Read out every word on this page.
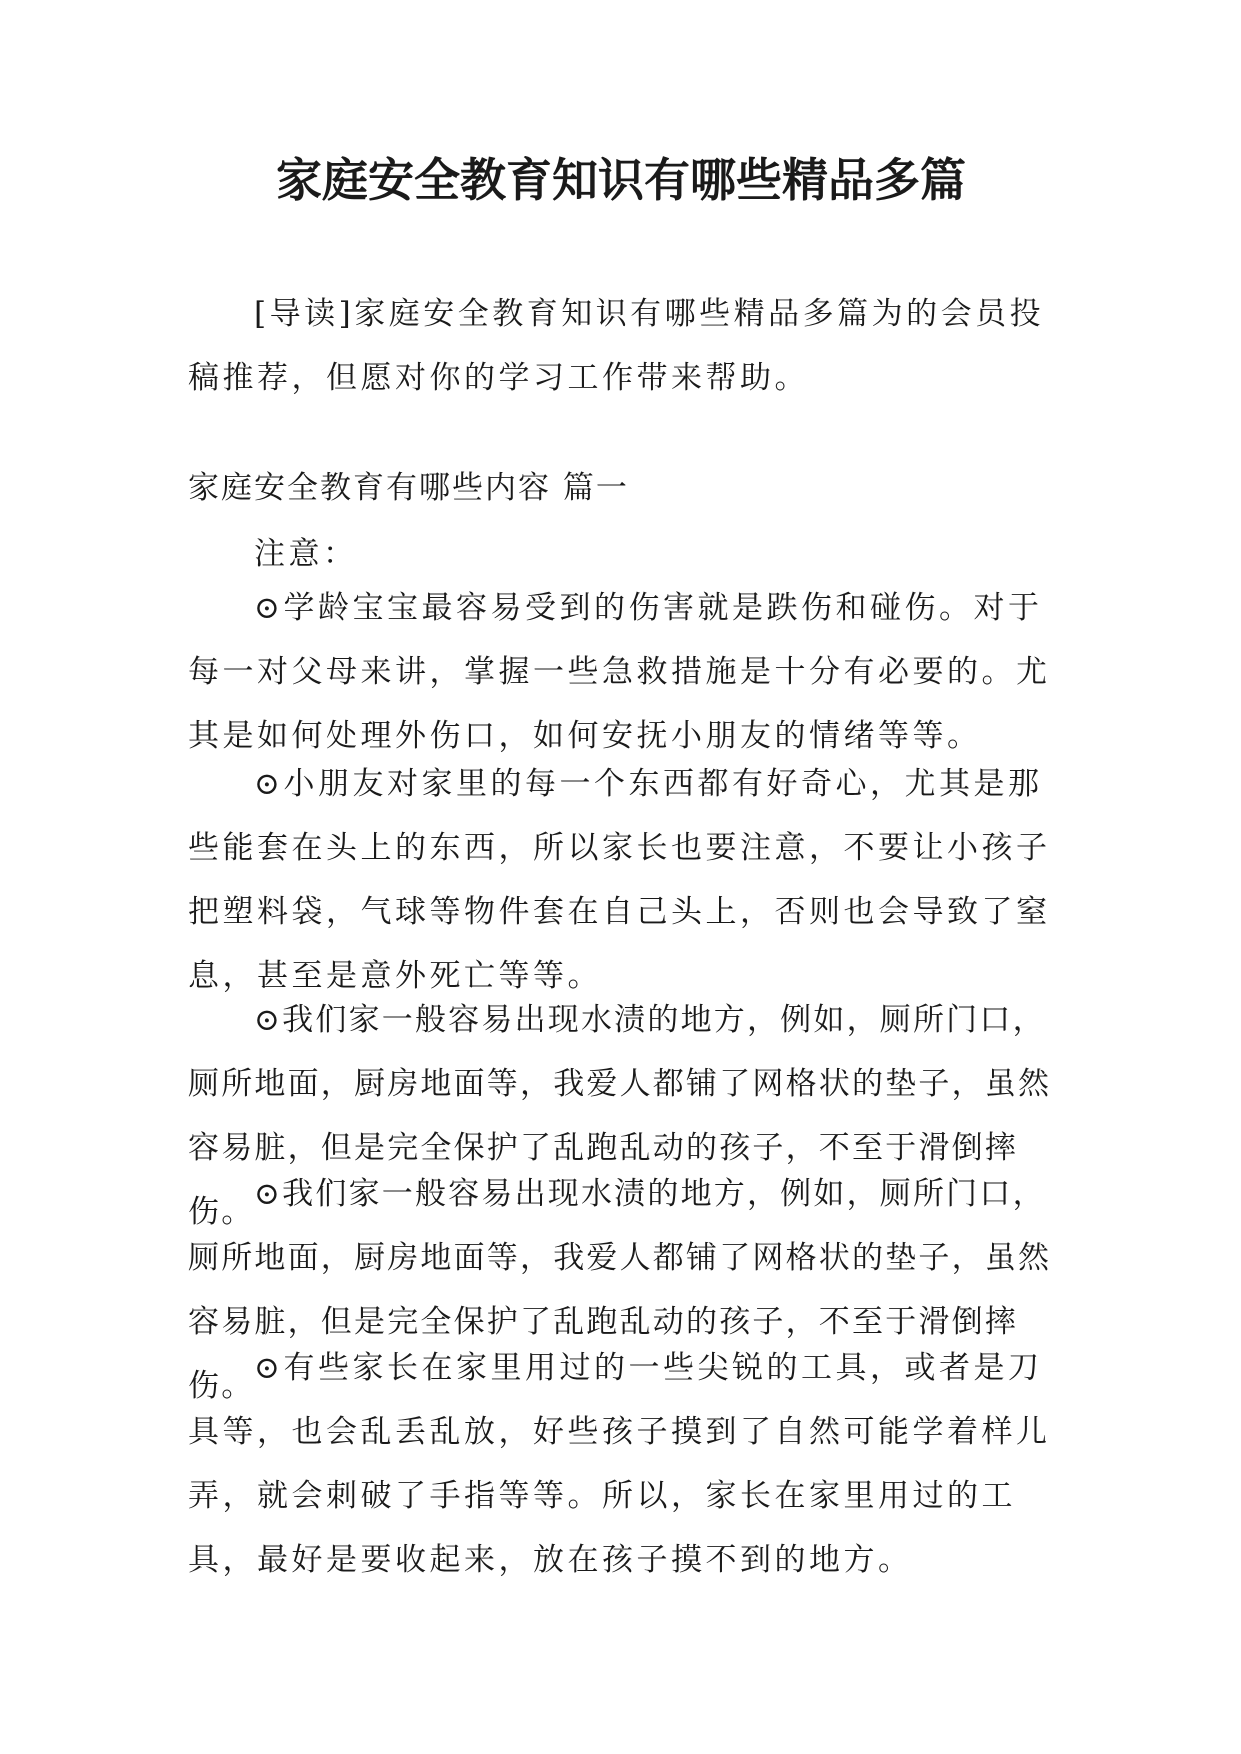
家庭安全教育知识有哪些精品多篇

[导读]家庭安全教育知识有哪些精品多篇为的会员投稿推荐，但愿对你的学习工作带来帮助。

家庭安全教育有哪些内容 篇一

注意：

⊙学龄宝宝最容易受到的伤害就是跌伤和碰伤。对于每一对父母来讲，掌握一些急救措施是十分有必要的。尤其是如何处理外伤口，如何安抚小朋友的情绪等等。

⊙小朋友对家里的每一个东西都有好奇心，尤其是那些能套在头上的东西，所以家长也要注意，不要让小孩子把塑料袋，气球等物件套在自己头上，否则也会导致了窒息，甚至是意外死亡等等。

⊙我们家一般容易出现水渍的地方，例如，厕所门口，厕所地面，厨房地面等，我爱人都铺了网格状的垫子，虽然容易脏，但是完全保护了乱跑乱动的孩子，不至于滑倒摔伤。 ⊙我们家一般容易出现水渍的地方，例如，厕所门口，厕所地面，厨房地面等，我爱人都铺了网格状的垫子，虽然容易脏，但是完全保护了乱跑乱动的孩子，不至于滑倒摔伤。 ⊙有些家长在家里用过的一些尖锐的工具，或者是刀具等，也会乱丢乱放，好些孩子摸到了自然可能学着样儿弄，就会刺破了手指等等。所以，家长在家里用过的工具，最好是要收起来，放在孩子摸不到的地方。
